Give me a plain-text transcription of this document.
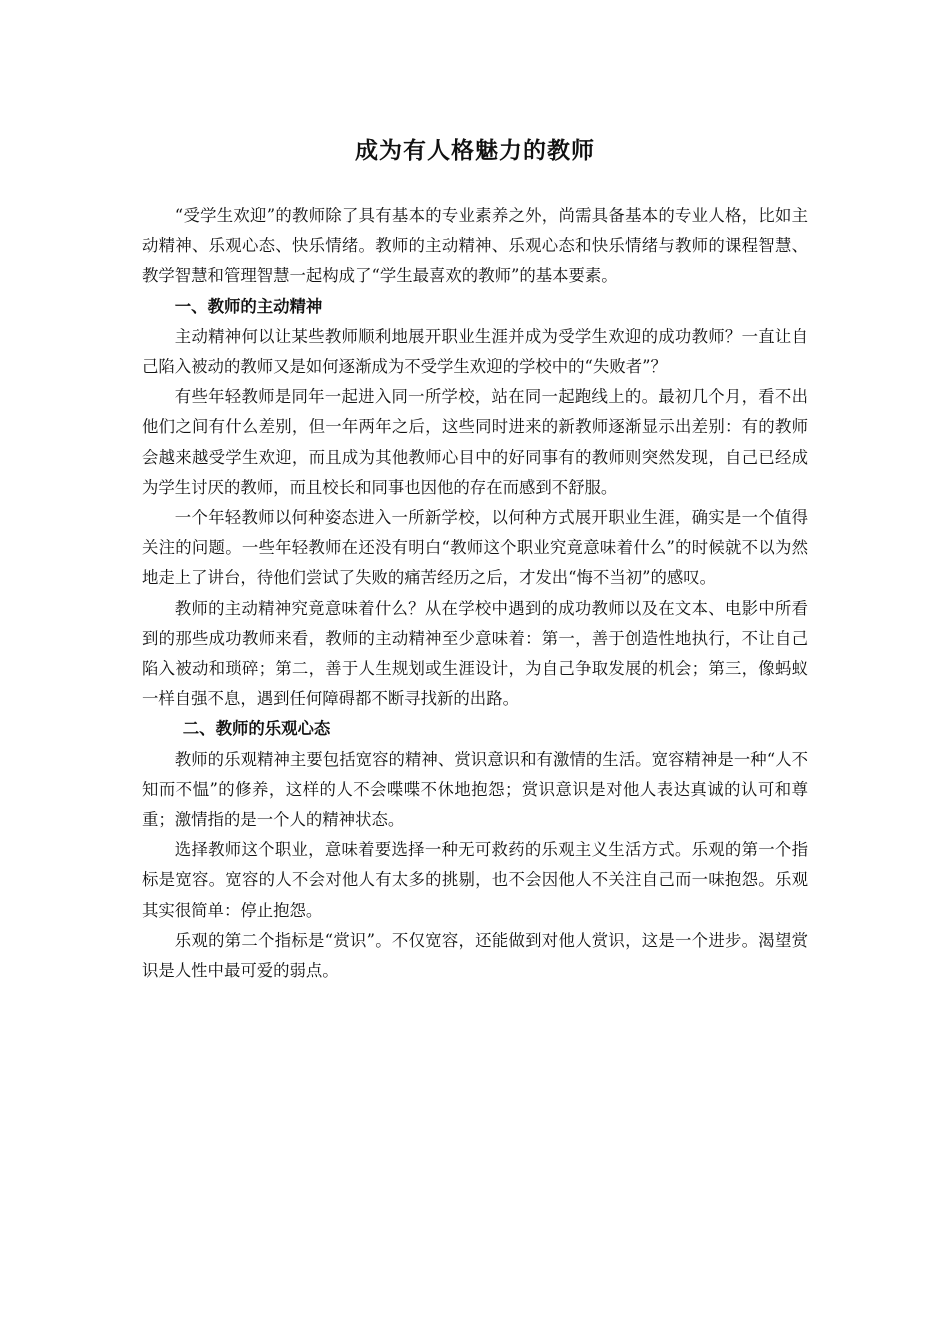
成为有人格魅力的教师

“受学生欢迎”的教师除了具有基本的专业素养之外，尚需具备基本的专业人格，比如主动精神、乐观心态、快乐情绪。教师的主动精神、乐观心态和快乐情绪与教师的课程智慧、教学智慧和管理智慧一起构成了“学生最喜欢的教师”的基本要素。

一、教师的主动精神

主动精神何以让某些教师顺利地展开职业生涯并成为受学生欢迎的成功教师？一直让自己陷入被动的教师又是如何逐渐成为不受学生欢迎的学校中的“失败者”？

有些年轻教师是同年一起进入同一所学校，站在同一起跑线上的。最初几个月，看不出他们之间有什么差别，但一年两年之后，这些同时进来的新教师逐渐显示出差别：有的教师会越来越受学生欢迎，而且成为其他教师心目中的好同事有的教师则突然发现，自己已经成为学生讨厌的教师，而且校长和同事也因他的存在而感到不舒服。

一个年轻教师以何种姿态进入一所新学校，以何种方式展开职业生涯，确实是一个值得关注的问题。一些年轻教师在还没有明白“教师这个职业究竟意味着什么”的时候就不以为然地走上了讲台，待他们尝试了失败的痛苦经历之后，才发出“悔不当初”的感叹。

教师的主动精神究竟意味着什么？从在学校中遇到的成功教师以及在文本、电影中所看到的那些成功教师来看，教师的主动精神至少意味着：第一，善于创造性地执行，不让自己陷入被动和琐碎；第二，善于人生规划或生涯设计，为自己争取发展的机会；第三，像蚂蚁一样自强不息，遇到任何障碍都不断寻找新的出路。

二、教师的乐观心态

教师的乐观精神主要包括宽容的精神、赏识意识和有激情的生活。宽容精神是一种“人不知而不愠”的修养，这样的人不会喋喋不休地抱怨；赏识意识是对他人表达真诚的认可和尊重；激情指的是一个人的精神状态。

选择教师这个职业，意味着要选择一种无可救药的乐观主义生活方式。乐观的第一个指标是宽容。宽容的人不会对他人有太多的挑剔，也不会因他人不关注自己而一味抱怨。乐观其实很简单：停止抱怨。

乐观的第二个指标是“赏识”。不仅宽容，还能做到对他人赏识，这是一个进步。渴望赏识是人性中最可爱的弱点。
